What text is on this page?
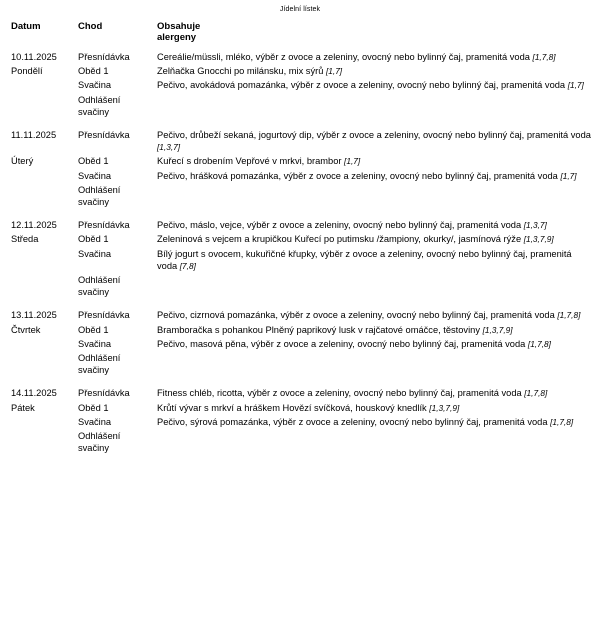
Jídelní lístek
Datum	Chod	Obsahuje
alergeny
10.11.2025	Přesnídávka	Cereálie/müssli, mléko, výběr z ovoce a zeleniny, ovocný nebo bylinný čaj, pramenitá voda [1,7,8]
Pondělí	Oběd 1	Zelňačka Gnocchi po milánsku, mix sýrů [1,7]
	Svačina	Pečivo, avokádová pomazánka, výběr z ovoce a zeleniny, ovocný nebo bylinný čaj, pramenitá voda [1,7]
	Odhlášení
svačiny	

11.11.2025	Přesnídávka	Pečivo, drůbeží sekaná, jogurtový dip, výběr z ovoce a zeleniny, ovocný nebo bylinný čaj, pramenitá voda [1,3,7]
Úterý	Oběd 1	Kuřecí s drobením Vepřové v mrkvi, brambor [1,7]
	Svačina	Pečivo, hrášková pomazánka, výběr z ovoce a zeleniny, ovocný nebo bylinný čaj, pramenitá voda [1,7]
	Odhlášení
svačiny	

12.11.2025	Přesnídávka	Pečivo, máslo, vejce, výběr z ovoce a zeleniny, ovocný nebo bylinný čaj, pramenitá voda [1,3,7]
Středa	Oběd 1	Zeleninová s vejcem a krupičkou Kuřecí po putimsku /žampiony, okurky/, jasmínová rýže [1,3,7,9]
	Svačina	Bílý jogurt s ovocem, kukuřičné křupky, výběr z ovoce a zeleniny, ovocný nebo bylinný čaj, pramenitá voda [7,8]
	Odhlášení
svačiny	

13.11.2025	Přesnídávka	Pečivo, cizrnová pomazánka, výběr z ovoce a zeleniny, ovocný nebo bylinný čaj, pramenitá voda [1,7,8]
Čtvrtek	Oběd 1	Bramboračka s pohankou Plněný paprikový lusk v rajčatové omáčce, těstoviny [1,3,7,9]
	Svačina	Pečivo, masová pěna, výběr z ovoce a zeleniny, ovocný nebo bylinný čaj, pramenitá voda [1,7,8]
	Odhlášení
svačiny	

14.11.2025	Přesnídávka	Fitness chléb, ricotta, výběr z ovoce a zeleniny, ovocný nebo bylinný čaj, pramenitá voda [1,7,8]
Pátek	Oběd 1	Krůtí vývar s mrkví a hráškem Hovězí svíčková, houskový knedlík [1,3,7,9]
	Svačina	Pečivo, sýrová pomazánka, výběr z ovoce a zeleniny, ovocný nebo bylinný čaj, pramenitá voda [1,7,8]
	Odhlášení
svačiny	
